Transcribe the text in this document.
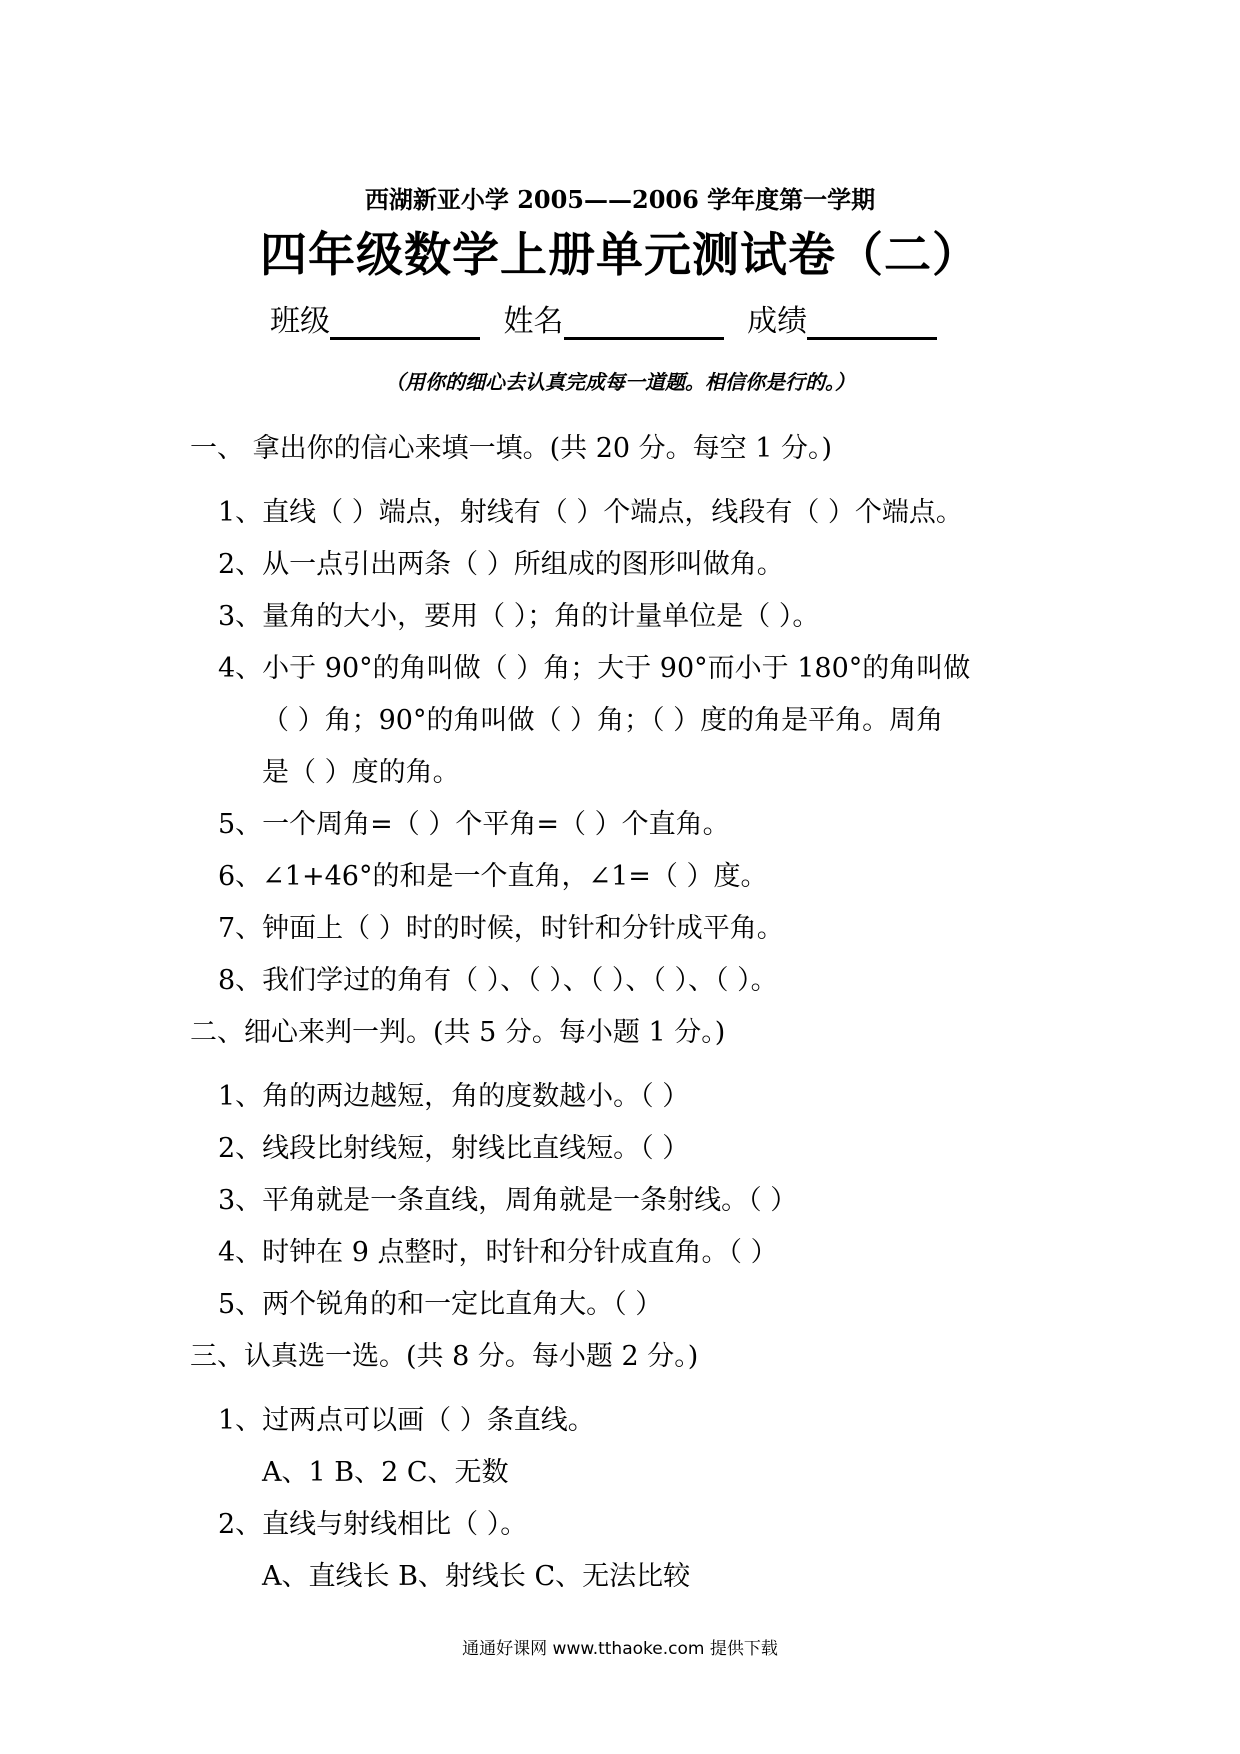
西湖新亚小学 2005——2006 学年度第一学期
四年级数学上册单元测试卷（二）
班级	姓名	成绩
（用你的细心去认真完成每一道题。相信你是行的。）
一、 拿出你的信心来填一填。(共 20 分。每空 1 分。)
1、直线（ ）端点，射线有（ ）个端点，线段有（ ）个端点。
2、从一点引出两条（ ）所组成的图形叫做角。
3、量角的大小，要用（ ）；角的计量单位是（ ）。
4、小于 90°的角叫做（ ）角；大于 90°而小于 180°的角叫做
（ ）角；90°的角叫做（ ）角；（ ）度的角是平角。周角
是（ ）度的角。
5、一个周角=（ ）个平角=（ ）个直角。
6、∠1+46°的和是一个直角，∠1=（ ）度。
7、钟面上（ ）时的时候，时针和分针成平角。
8、我们学过的角有（ ）、（ ）、（ ）、（ ）、（ ）。
二、细心来判一判。(共 5 分。每小题 1 分。)
1、角的两边越短，角的度数越小。（ ）
2、线段比射线短，射线比直线短。（ ）
3、平角就是一条直线，周角就是一条射线。（ ）
4、时钟在 9 点整时，时针和分针成直角。（ ）
5、两个锐角的和一定比直角大。（ ）
三、认真选一选。(共 8 分。每小题 2 分。)
1、过两点可以画（ ）条直线。
A、1 B、2 C、无数
2、直线与射线相比（ ）。
A、直线长 B、射线长 C、无法比较
通通好课网 www.tthaoke.com 提供下载
